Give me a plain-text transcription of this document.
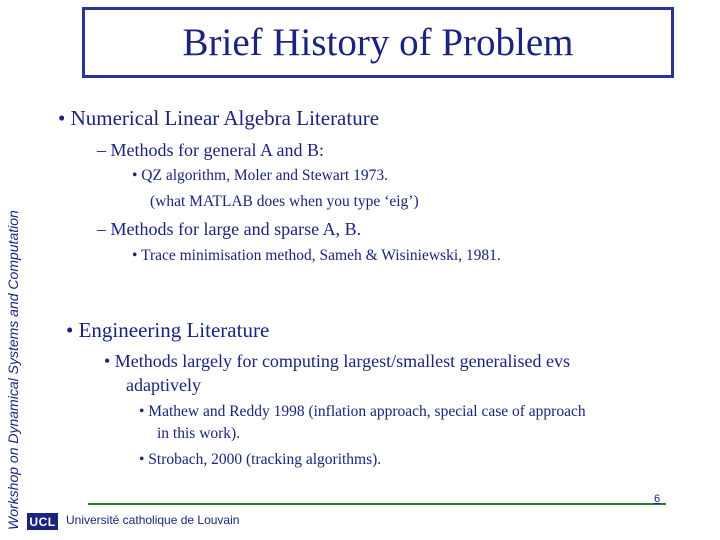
Brief History of Problem
Workshop on Dynamical Systems and Computation
• Numerical Linear Algebra Literature
– Methods for general A and B:
• QZ algorithm, Moler and Stewart 1973.
(what MATLAB does when you type ‘eig’)
– Methods for large and sparse A, B.
• Trace minimisation method, Sameh & Wisiniewski, 1981.
• Engineering Literature
• Methods largely for computing largest/smallest generalised evs
adaptively
• Mathew and Reddy 1998 (inflation approach, special case of approach
in this work).
• Strobach, 2000 (tracking algorithms).
6
UCL Université catholique de Louvain
